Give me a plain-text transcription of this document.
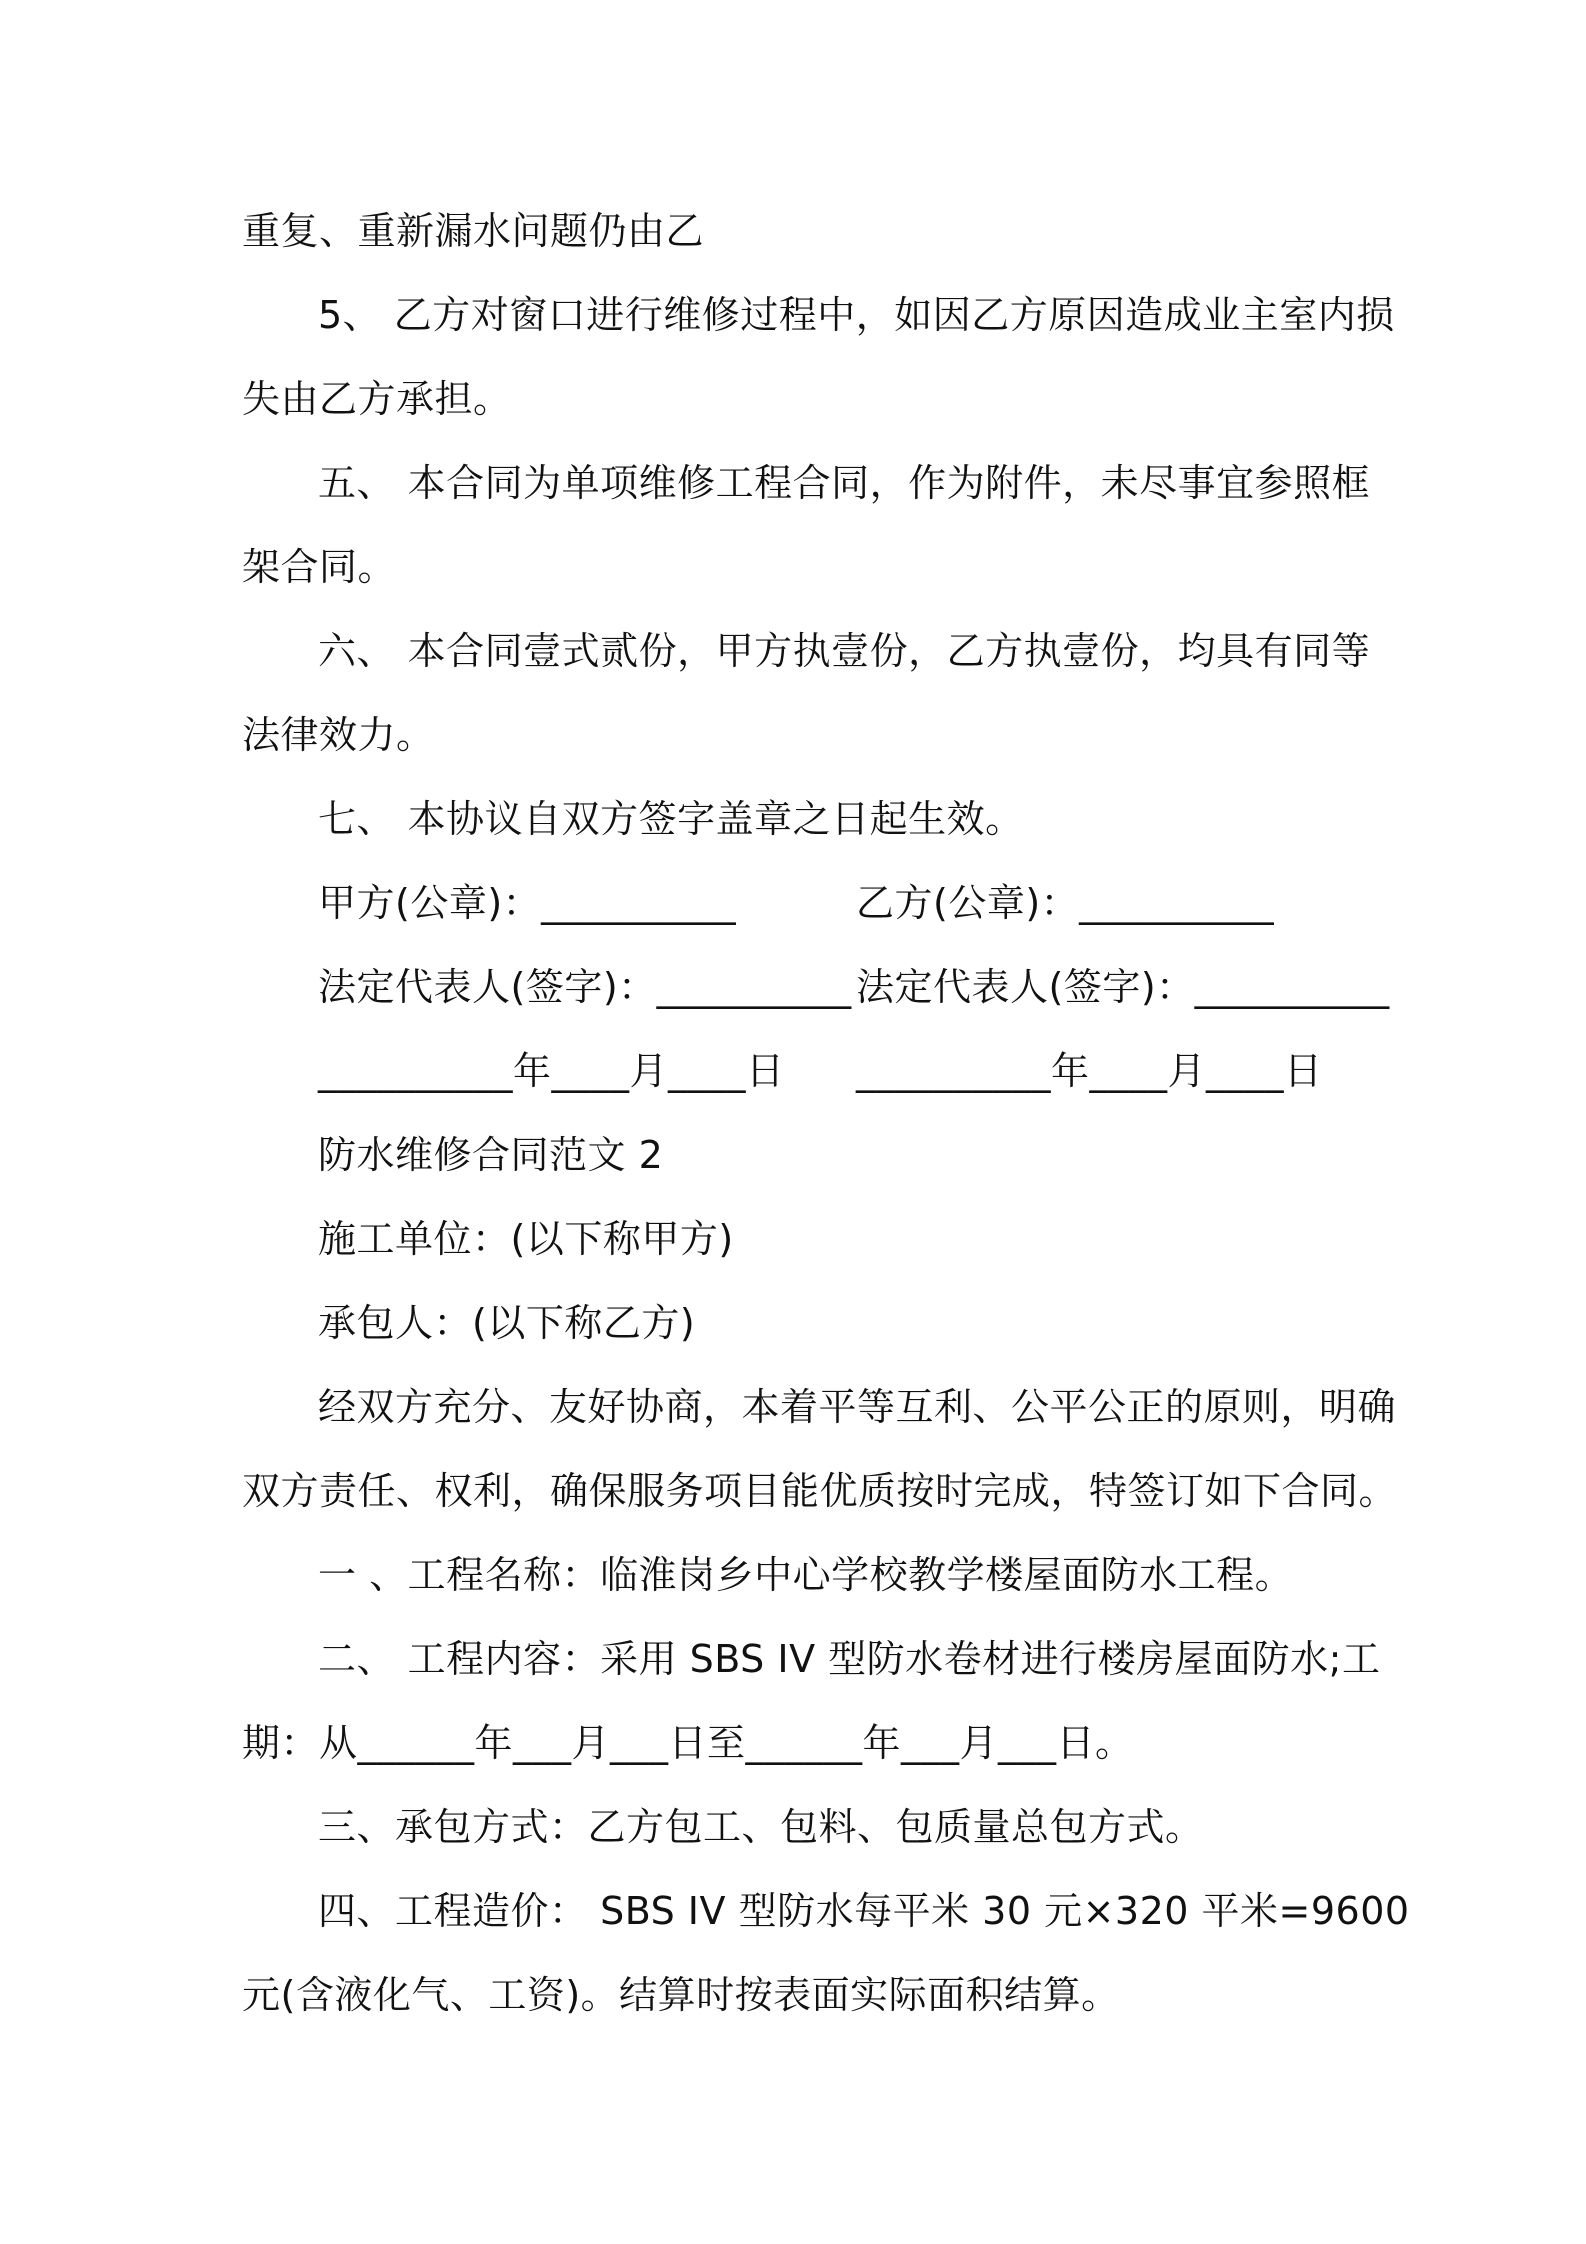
重复、重新漏水问题仍由乙
5、 乙方对窗口进行维修过程中，如因乙方原因造成业主室内损
失由乙方承担。
五、 本合同为单项维修工程合同，作为附件，未尽事宜参照框
架合同。
六、 本合同壹式贰份，甲方执壹份，乙方执壹份，均具有同等
法律效力。
七、 本协议自双方签字盖章之日起生效。
甲方(公章)：__________	乙方(公章)：__________
法定代表人(签字)：__________ 法定代表人(签字)：__________
__________年____月____日 __________年____月____日
防水维修合同范文 2
施工单位：(以下称甲方)
承包人：(以下称乙方)
经双方充分、友好协商，本着平等互利、公平公正的原则，明确
双方责任、权利，确保服务项目能优质按时完成，特签订如下合同。
一 、工程名称：临淮岗乡中心学校教学楼屋面防水工程。
二、 工程内容：采用 SBS IV 型防水卷材进行楼房屋面防水;工
期：从______年___月___日至______年___月___日。
三、承包方式：乙方包工、包料、包质量总包方式。
四、工程造价： SBS IV 型防水每平米 30 元×320 平米=9600
元(含液化气、工资)。结算时按表面实际面积结算。
